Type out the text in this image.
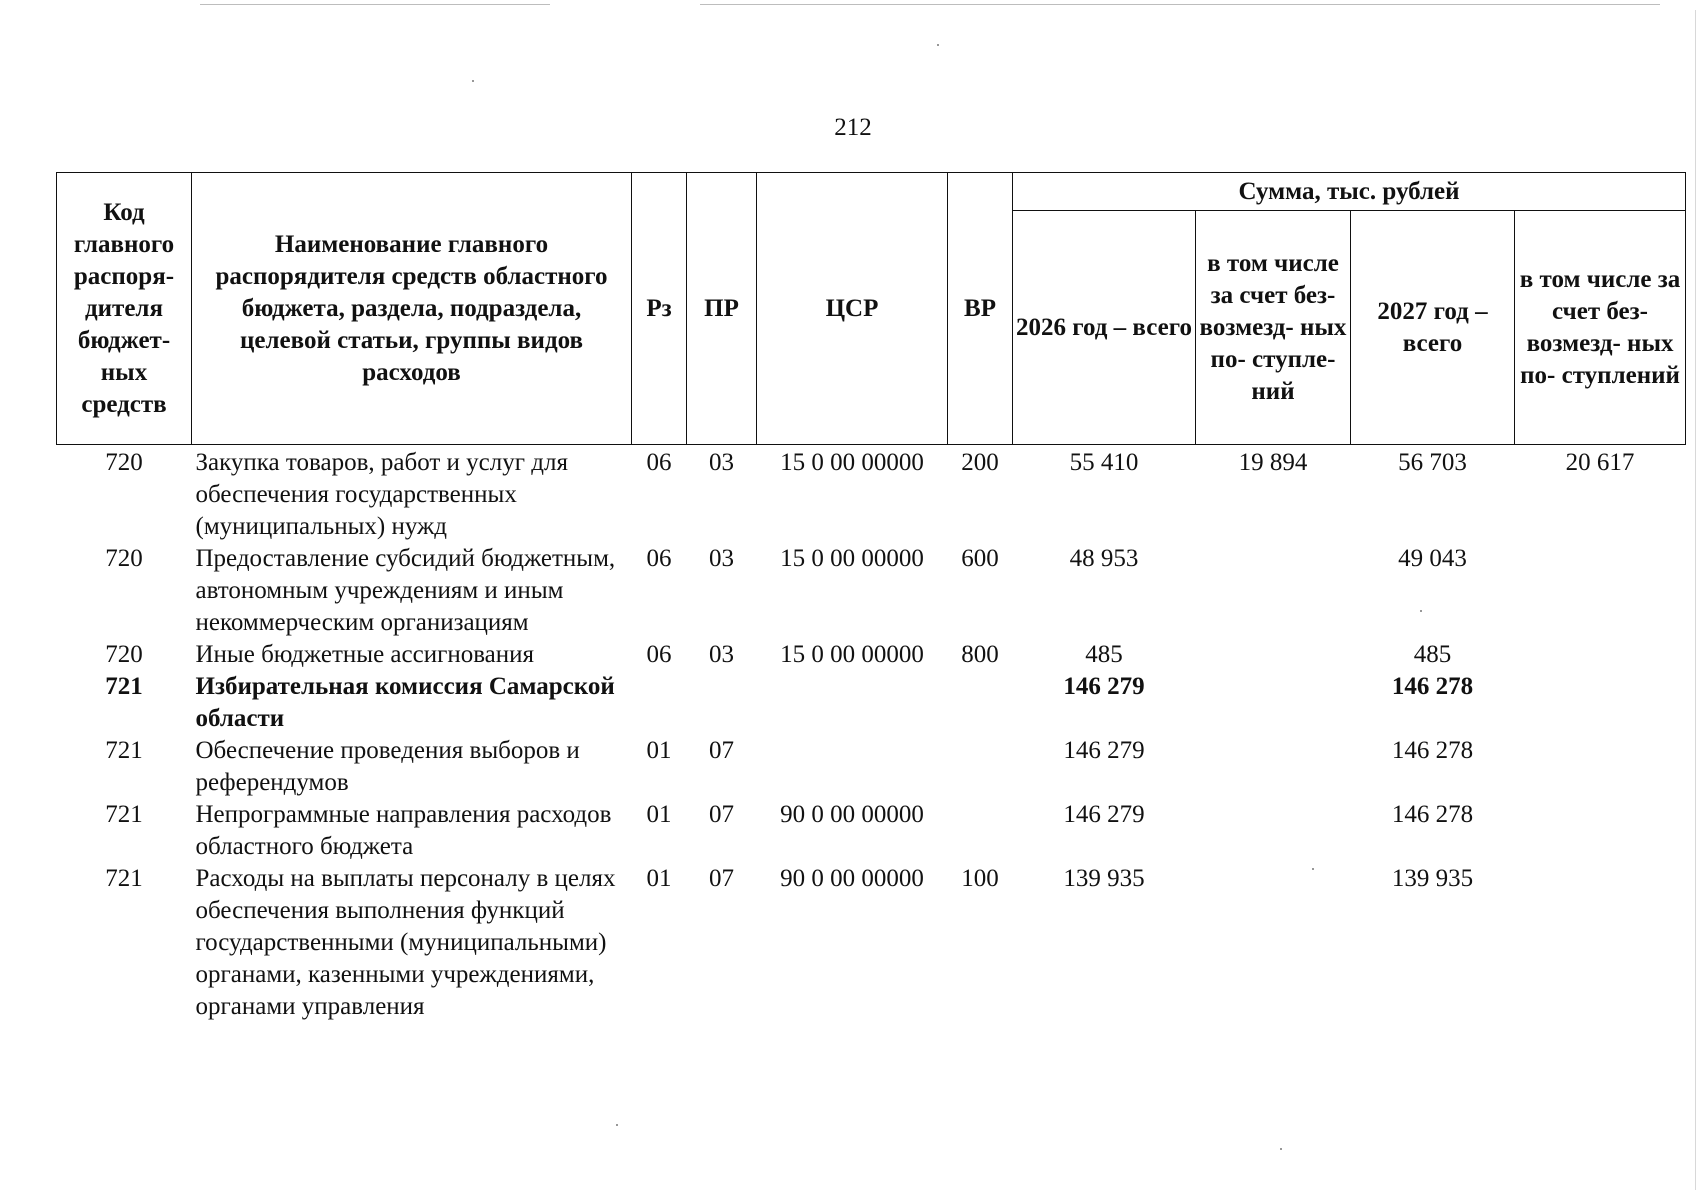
212
Код главного распоря- дителя бюджет- ных средств	Наименование главного распорядителя средств областного бюджета, раздела, подраздела, целевой статьи, группы видов расходов	Рз	ПР	ЦСР	ВР	Сумма, тыс. рублей			
						2026 год – всего	в том числе за счет без- возмезд- ных по- ступле- ний	2027 год – всего	в том числе за счет без- возмезд- ных по- ступлений
720	Закупка товаров, работ и услуг для обеспечения государственных (муниципальных) нужд	06	03	15 0 00 00000	200	55 410	19 894	56 703	20 617
720	Предоставление субсидий бюджетным, автономным учреждениям и иным некоммерческим организациям	06	03	15 0 00 00000	600	48 953		49 043	
720	Иные бюджетные ассигнования	06	03	15 0 00 00000	800	485		485	
721	Избирательная комиссия Самарской области					146 279		146 278	
721	Обеспечение проведения выборов и референдумов	01	07			146 279		146 278	
721	Непрограммные направления расходов областного бюджета	01	07	90 0 00 00000		146 279		146 278	
721	Расходы на выплаты персоналу в целях обеспечения выполнения функций государственными (муниципальными) органами, казенными учреждениями, органами управления	01	07	90 0 00 00000	100	139 935		139 935	
